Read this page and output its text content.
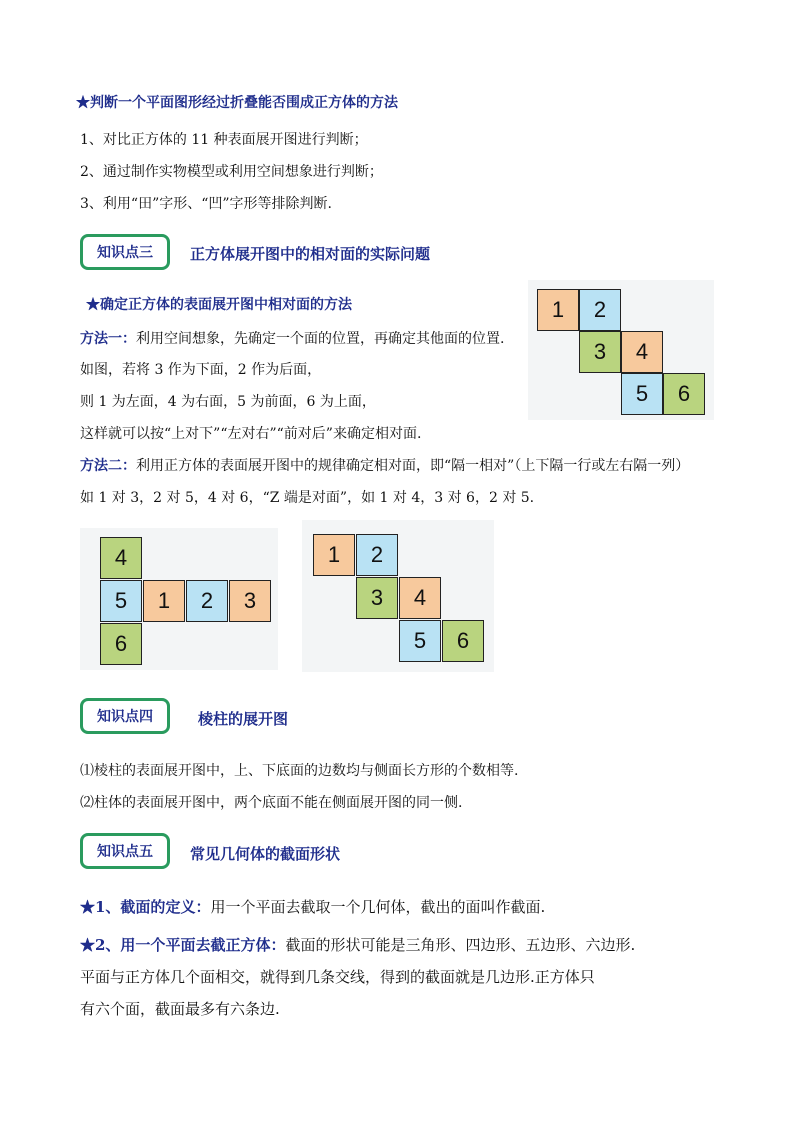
★判断一个平面图形经过折叠能否围成正方体的方法
1、对比正方体的 11 种表面展开图进行判断；
2、通过制作实物模型或利用空间想象进行判断；
3、利用“田”字形、“凹”字形等排除判断.
知识点三	正方体展开图中的相对面的实际问题
★确定正方体的表面展开图中相对面的方法
方法一：利用空间想象，先确定一个面的位置，再确定其他面的位置.
如图，若将 3 作为下面，2 作为后面，
则 1 为左面，4 为右面，5 为前面，6 为上面，
这样就可以按“上对下”“左对右”“前对后”来确定相对面.
方法二：利用正方体的表面展开图中的规律确定相对面，即“隔一相对”（上下隔一行或左右隔一列）
如 1 对 3，2 对 5，4 对 6，“Z 端是对面”，如 1 对 4，3 对 6，2 对 5.
1	2
3	4
5	6
4
5	1	2	3
6
1	2
3	4
5	6
知识点四	棱柱的展开图
⑴棱柱的表面展开图中，上、下底面的边数均与侧面长方形的个数相等.
⑵柱体的表面展开图中，两个底面不能在侧面展开图的同一侧.
知识点五	常见几何体的截面形状
★1、截面的定义：用一个平面去截取一个几何体，截出的面叫作截面.
★2、用一个平面去截正方体：截面的形状可能是三角形、四边形、五边形、六边形.
平面与正方体几个面相交，就得到几条交线，得到的截面就是几边形.正方体只
有六个面，截面最多有六条边.
